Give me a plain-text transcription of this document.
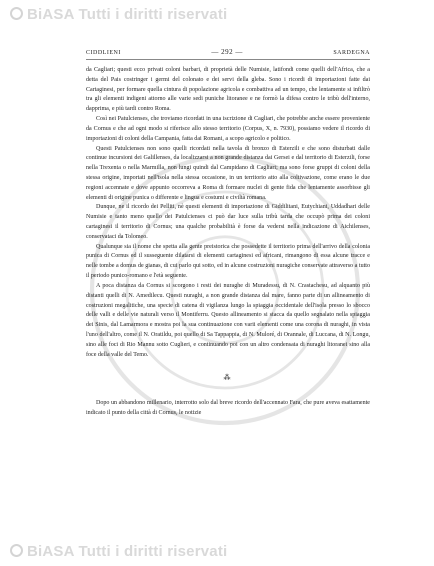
BiASA Tutti i diritti riservati
CIDDLIENI	— 292 —	SARDEGNA

da Cagliari; questi ecco privati coloni barbari, di proprietà delle Numisie, latifondi come quelli dell'Africa, che a detta del Pais costringer i germi del colonato e dei servi della gleba. Sono i ricordi di importazioni fatte dai Cartaginesi, per formare quella cintura di popolazione agricola e combattiva ad un tempo, che lentamente si infiltrò tra gli elementi indigeni attorno alle varie sedi puniche litoranee e ne formò la difesa contro le tribù dell'interno, dapprima, e più tardi contro Roma.

Così nei Patulcienses, che troviamo ricordati in una iscrizione di Cagliari, che potrebbe anche essere proveniente da Cornus e che ad ogni modo si riferisce allo stesso territorio (Corpus, X, n. 7930), possiamo vedere il ricordo di importazioni di coloni della Campania, fatta dai Romani, a scopo agricolo e politico.

Questi Patulcienses non sono quelli ricordati nella tavola di bronzo di Esterzili e che sono disturbati dalle continue incursioni dei Galillenses, da localizzarsi a non grande distanza dai Gersei e dal territorio di Esterzili, forse nella Trexenta o nella Marmilla, non lungi quindi dal Campidano di Cagliari; ma sono forse gruppi di coloni della stessa origine, importati nell'isola nella stessa occasione, in un territorio atto alla coltivazione, come erano le due regioni accennate e dove appunto occorreva a Roma di formare nuclei di gente fida che lentamente assorbisse gli elementi di origine punica o differente e lingua e costumi e civiltà romana.

Dunque, ne il ricordo dei Pelliti, nè questi elementi di importazione di Giddilitani, Eutychiani, Uddadhari delle Numisie e tanto meno quello dei Patulcienses ci può dar luce sulla tribù tarda che occupò prima dei coloni cartaginesi il territorio di Cornus; una qualche probabilità è forse da vedersi nella indicazione di Aichilenses, conservataci da Tolomeo.

Qualunque sia il nome che spetta alla gente preistorica che possedette il territorio prima dell'arrivo della colonia punica di Cornus ed il susseguente dilatarsi di elementi cartaginesi ed africani, rimangono di essa alcune tracce e nelle tombe a domus de gianas, di cui parlo qui sotto, ed in alcune costruzioni nuragiche conservate attraverso a tutto il periodo punico-romano e l'età seguente.

A poca distanza da Cornus si scorgono i resti dei nuraghe di Muradessu, di N. Crastachesu, ad alquanto più distanti quelli di N. Amedilecu. Questi nuraghi, a non grande distanza dal mare, fanno parte di un allineamento di costruzioni megalitiche, una specie di catena di vigilanza lungo la spiaggia occidentale dell'isola presso lo sbocco delle valli e delle vie naturali verso il Montiferru. Questo allineamento si stacca da quello segnalato nella spiaggia dei Sinis, dal Lamarmora e mostra poi la sua continuazione con varii elementi come una corona di nuraghi, in vista l'uno dell'altro, come il N. Oratildu, poi quello di Sa Tappappia, di N. Muloré, di Orannale, di Luccana, di N. Longu, sino alle foci di Rio Mannu sotto Cuglieri, e continuando poi con un altro condensata di nuraghi litoranei sino alla foce della valle del Temo.

⁂

Dopo un abbandono millenario, interrotto solo dal breve ricordo dell'accennato Fara, che pure aveva esattamente indicato il punto della città di Cornus, le notizie

BiASA Tutti i diritti riservati
